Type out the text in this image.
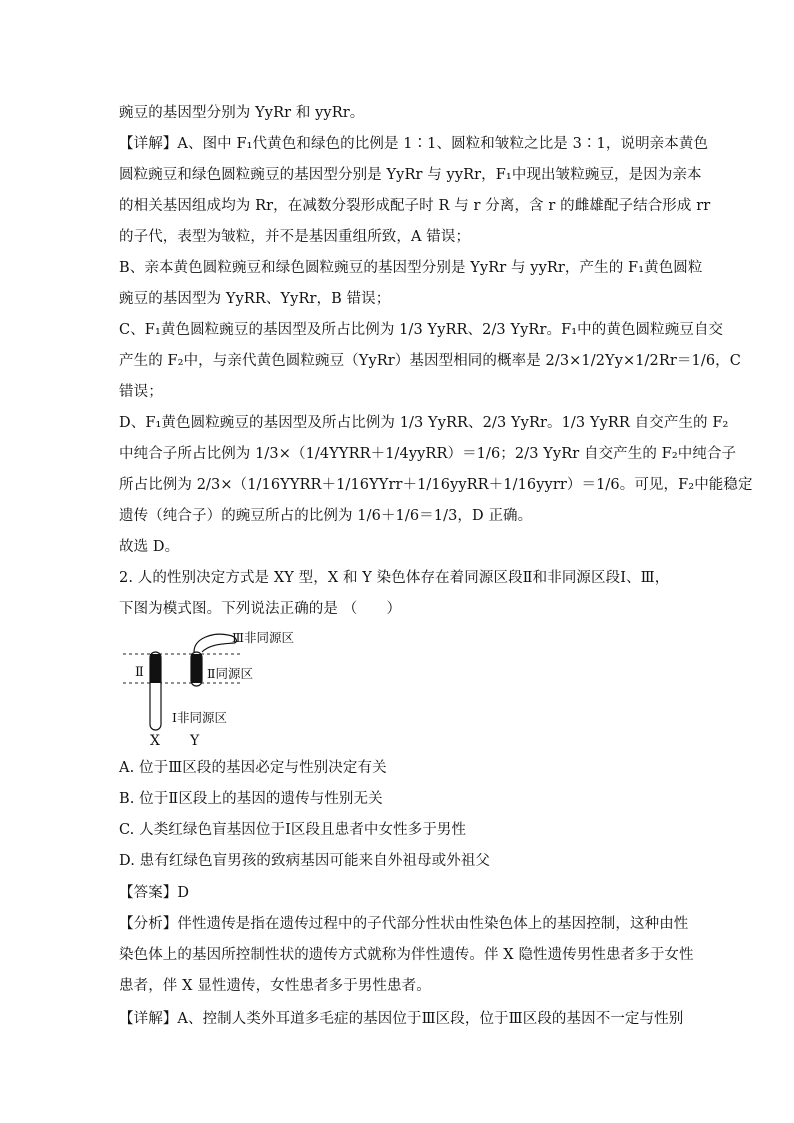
豌豆的基因型分别为 YyRr 和 yyRr。
【详解】A、图中 F₁代黄色和绿色的比例是 1∶1、圆粒和皱粒之比是 3∶1，说明亲本黄色
圆粒豌豆和绿色圆粒豌豆的基因型分别是 YyRr 与 yyRr，F₁中现出皱粒豌豆，是因为亲本
的相关基因组成均为 Rr，在减数分裂形成配子时 R 与 r 分离，含 r 的雌雄配子结合形成 rr
的子代，表型为皱粒，并不是基因重组所致，A 错误；
B、亲本黄色圆粒豌豆和绿色圆粒豌豆的基因型分别是 YyRr 与 yyRr，产生的 F₁黄色圆粒
豌豆的基因型为 YyRR、YyRr，B 错误；
C、F₁黄色圆粒豌豆的基因型及所占比例为 1/3 YyRR、2/3 YyRr。F₁中的黄色圆粒豌豆自交
产生的 F₂中，与亲代黄色圆粒豌豆（YyRr）基因型相同的概率是 2/3×1/2Yy×1/2Rr＝1/6，C
错误；
D、F₁黄色圆粒豌豆的基因型及所占比例为 1/3 YyRR、2/3 YyRr。1/3 YyRR 自交产生的 F₂
中纯合子所占比例为 1/3×（1/4YYRR＋1/4yyRR）＝1/6；2/3 YyRr 自交产生的 F₂中纯合子
所占比例为 2/3×（1/16YYRR＋1/16YYrr＋1/16yyRR＋1/16yyrr）＝1/6。可见，F₂中能稳定
遗传（纯合子）的豌豆所占的比例为 1/6＋1/6＝1/3，D 正确。
故选 D。
2. 人的性别决定方式是 XY 型，X 和 Y 染色体存在着同源区段Ⅱ和非同源区段Ⅰ、Ⅲ，
下图为模式图。下列说法正确的是 （　　）
Ⅲ非同源区
Ⅱ	Ⅱ同源区
Ⅰ非同源区
X Y
A. 位于Ⅲ区段的基因必定与性别决定有关
B. 位于Ⅱ区段上的基因的遗传与性别无关
C. 人类红绿色盲基因位于Ⅰ区段且患者中女性多于男性
D. 患有红绿色盲男孩的致病基因可能来自外祖母或外祖父
【答案】D
【分析】伴性遗传是指在遗传过程中的子代部分性状由性染色体上的基因控制，这种由性
染色体上的基因所控制性状的遗传方式就称为伴性遗传。伴 X 隐性遗传男性患者多于女性
患者，伴 X 显性遗传，女性患者多于男性患者。
【详解】A、控制人类外耳道多毛症的基因位于Ⅲ区段，位于Ⅲ区段的基因不一定与性别
